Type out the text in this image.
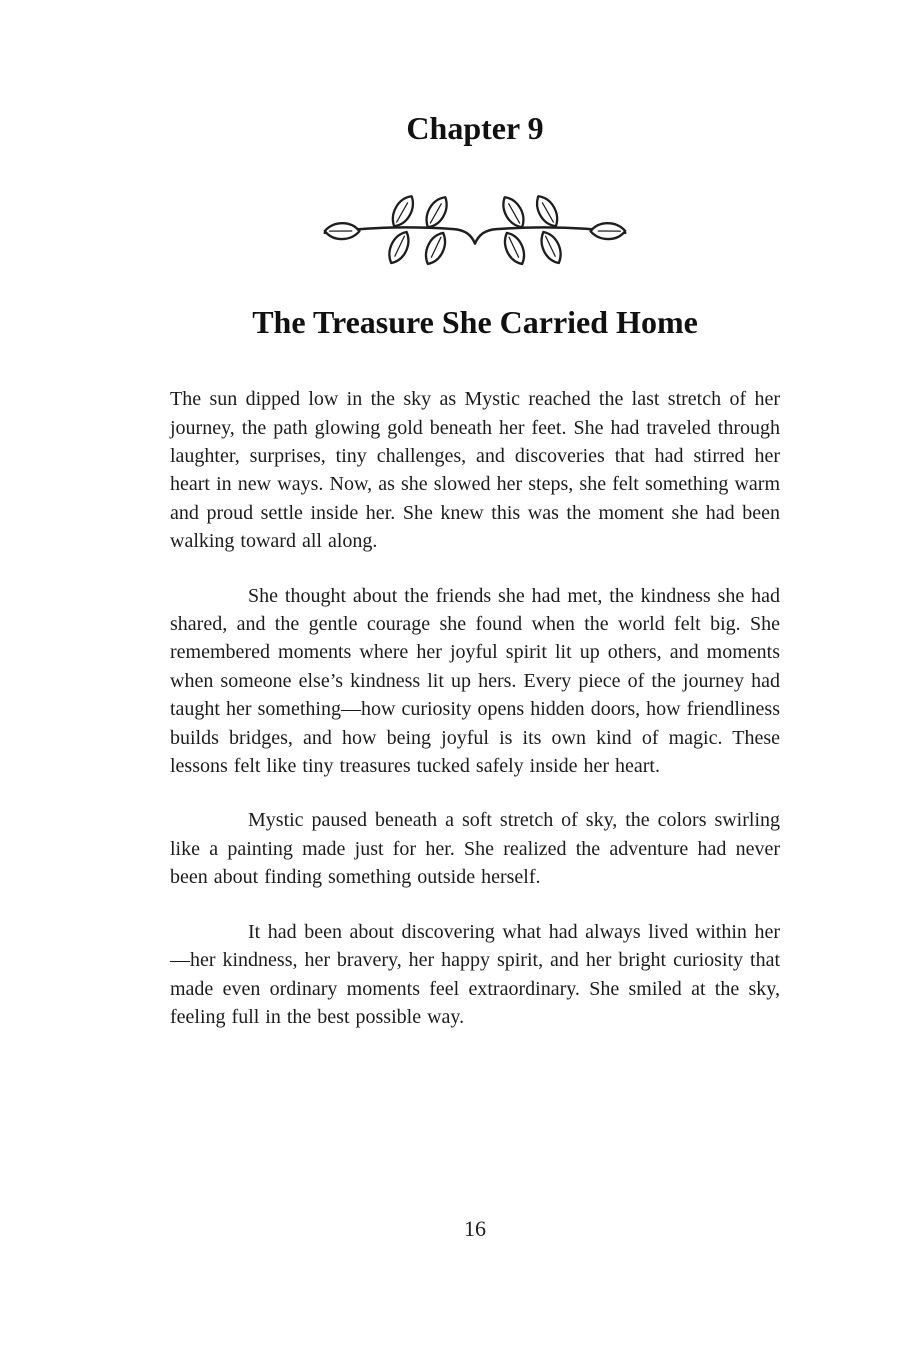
Chapter 9
The Treasure She Carried Home

The sun dipped low in the sky as Mystic reached the last stretch of her journey, the path glowing gold beneath her feet. She had traveled through laughter, surprises, tiny challenges, and discoveries that had stirred her heart in new ways. Now, as she slowed her steps, she felt something warm and proud settle inside her. She knew this was the moment she had been walking toward all along.

She thought about the friends she had met, the kindness she had shared, and the gentle courage she found when the world felt big. She remembered moments where her joyful spirit lit up others, and moments when someone else’s kindness lit up hers. Every piece of the journey had taught her something—how curiosity opens hidden doors, how friendliness builds bridges, and how being joyful is its own kind of magic. These lessons felt like tiny treasures tucked safely inside her heart.

Mystic paused beneath a soft stretch of sky, the colors swirling like a painting made just for her. She realized the adventure had never been about finding something outside herself.

It had been about discovering what had always lived within her—her kindness, her bravery, her happy spirit, and her bright curiosity that made even ordinary moments feel extraordinary. She smiled at the sky, feeling full in the best possible way.

16
